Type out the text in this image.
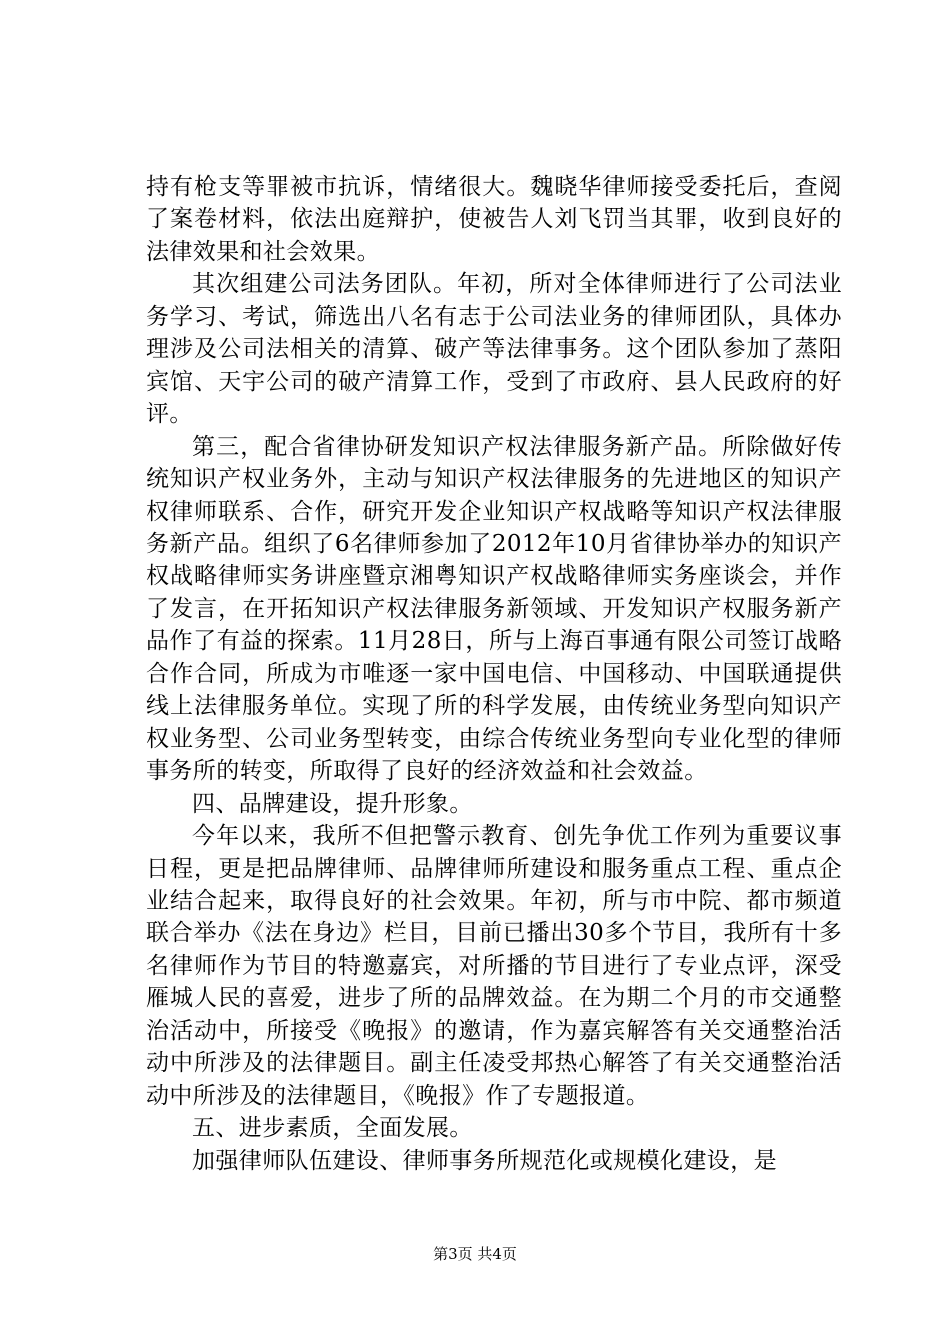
持有枪支等罪被市抗诉，情绪很大。魏晓华律师接受委托后，查阅了案卷材料，依法出庭辩护，使被告人刘飞罚当其罪，收到良好的法律效果和社会效果。

其次组建公司法务团队。年初，所对全体律师进行了公司法业务学习、考试，筛选出八名有志于公司法业务的律师团队，具体办理涉及公司法相关的清算、破产等法律事务。这个团队参加了蒸阳宾馆、天宇公司的破产清算工作，受到了市政府、县人民政府的好评。

第三，配合省律协研发知识产权法律服务新产品。所除做好传统知识产权业务外，主动与知识产权法律服务的先进地区的知识产权律师联系、合作，研究开发企业知识产权战略等知识产权法律服务新产品。组织了6名律师参加了2012年10月省律协举办的知识产权战略律师实务讲座暨京湘粤知识产权战略律师实务座谈会，并作了发言，在开拓知识产权法律服务新领域、开发知识产权服务新产品作了有益的探索。11月28日，所与上海百事通有限公司签订战略合作合同，所成为市唯逐一家中国电信、中国移动、中国联通提供线上法律服务单位。实现了所的科学发展，由传统业务型向知识产权业务型、公司业务型转变，由综合传统业务型向专业化型的律师事务所的转变，所取得了良好的经济效益和社会效益。

四、品牌建设，提升形象。

今年以来，我所不但把警示教育、创先争优工作列为重要议事日程，更是把品牌律师、品牌律师所建设和服务重点工程、重点企业结合起来，取得良好的社会效果。年初，所与市中院、都市频道联合举办《法在身边》栏目，目前已播出30多个节目，我所有十多名律师作为节目的特邀嘉宾，对所播的节目进行了专业点评，深受雁城人民的喜爱，进步了所的品牌效益。在为期二个月的市交通整治活动中，所接受《晚报》的邀请，作为嘉宾解答有关交通整治活动中所涉及的法律题目。副主任凌受邦热心解答了有关交通整治活动中所涉及的法律题目，《晚报》作了专题报道。

五、进步素质，全面发展。

加强律师队伍建设、律师事务所规范化或规模化建设，是

第3页 共4页
